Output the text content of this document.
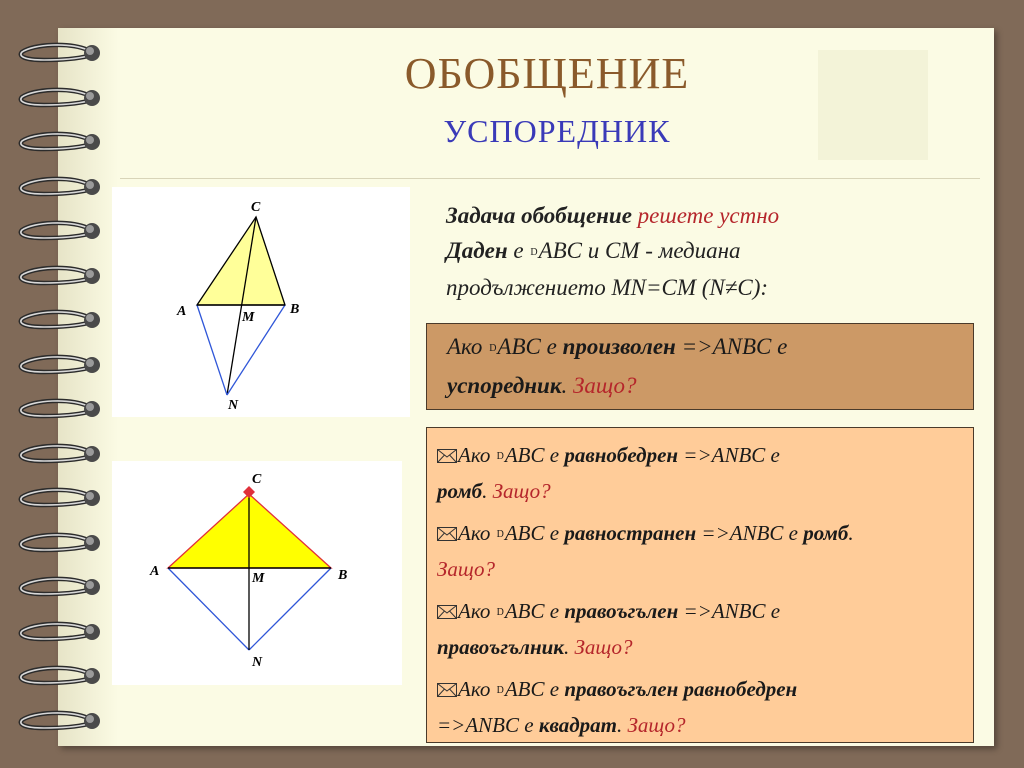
ОБОБЩЕНИЕ
УСПОРЕДНИК
C
A	M
B
N
C
A	M	B
N
Задача обобщение решете устно
Даден е DABC и CM - медиана
продължението MN=CM (N≠C):
Ако DABC е произволен =>ANBC е
успоредник. Защо?
Ако DABC е равнобедрен =>ANBC е
ромб. Защо?
Ако DABC е равностранен =>ANBC е ромб.
Защо?
Ако DABC е правоъгълен =>ANBC е
правоъгълник. Защо?
Ако DABC е правоъгълен равнобедрен
=>ANBC е квадрат. Защо?
